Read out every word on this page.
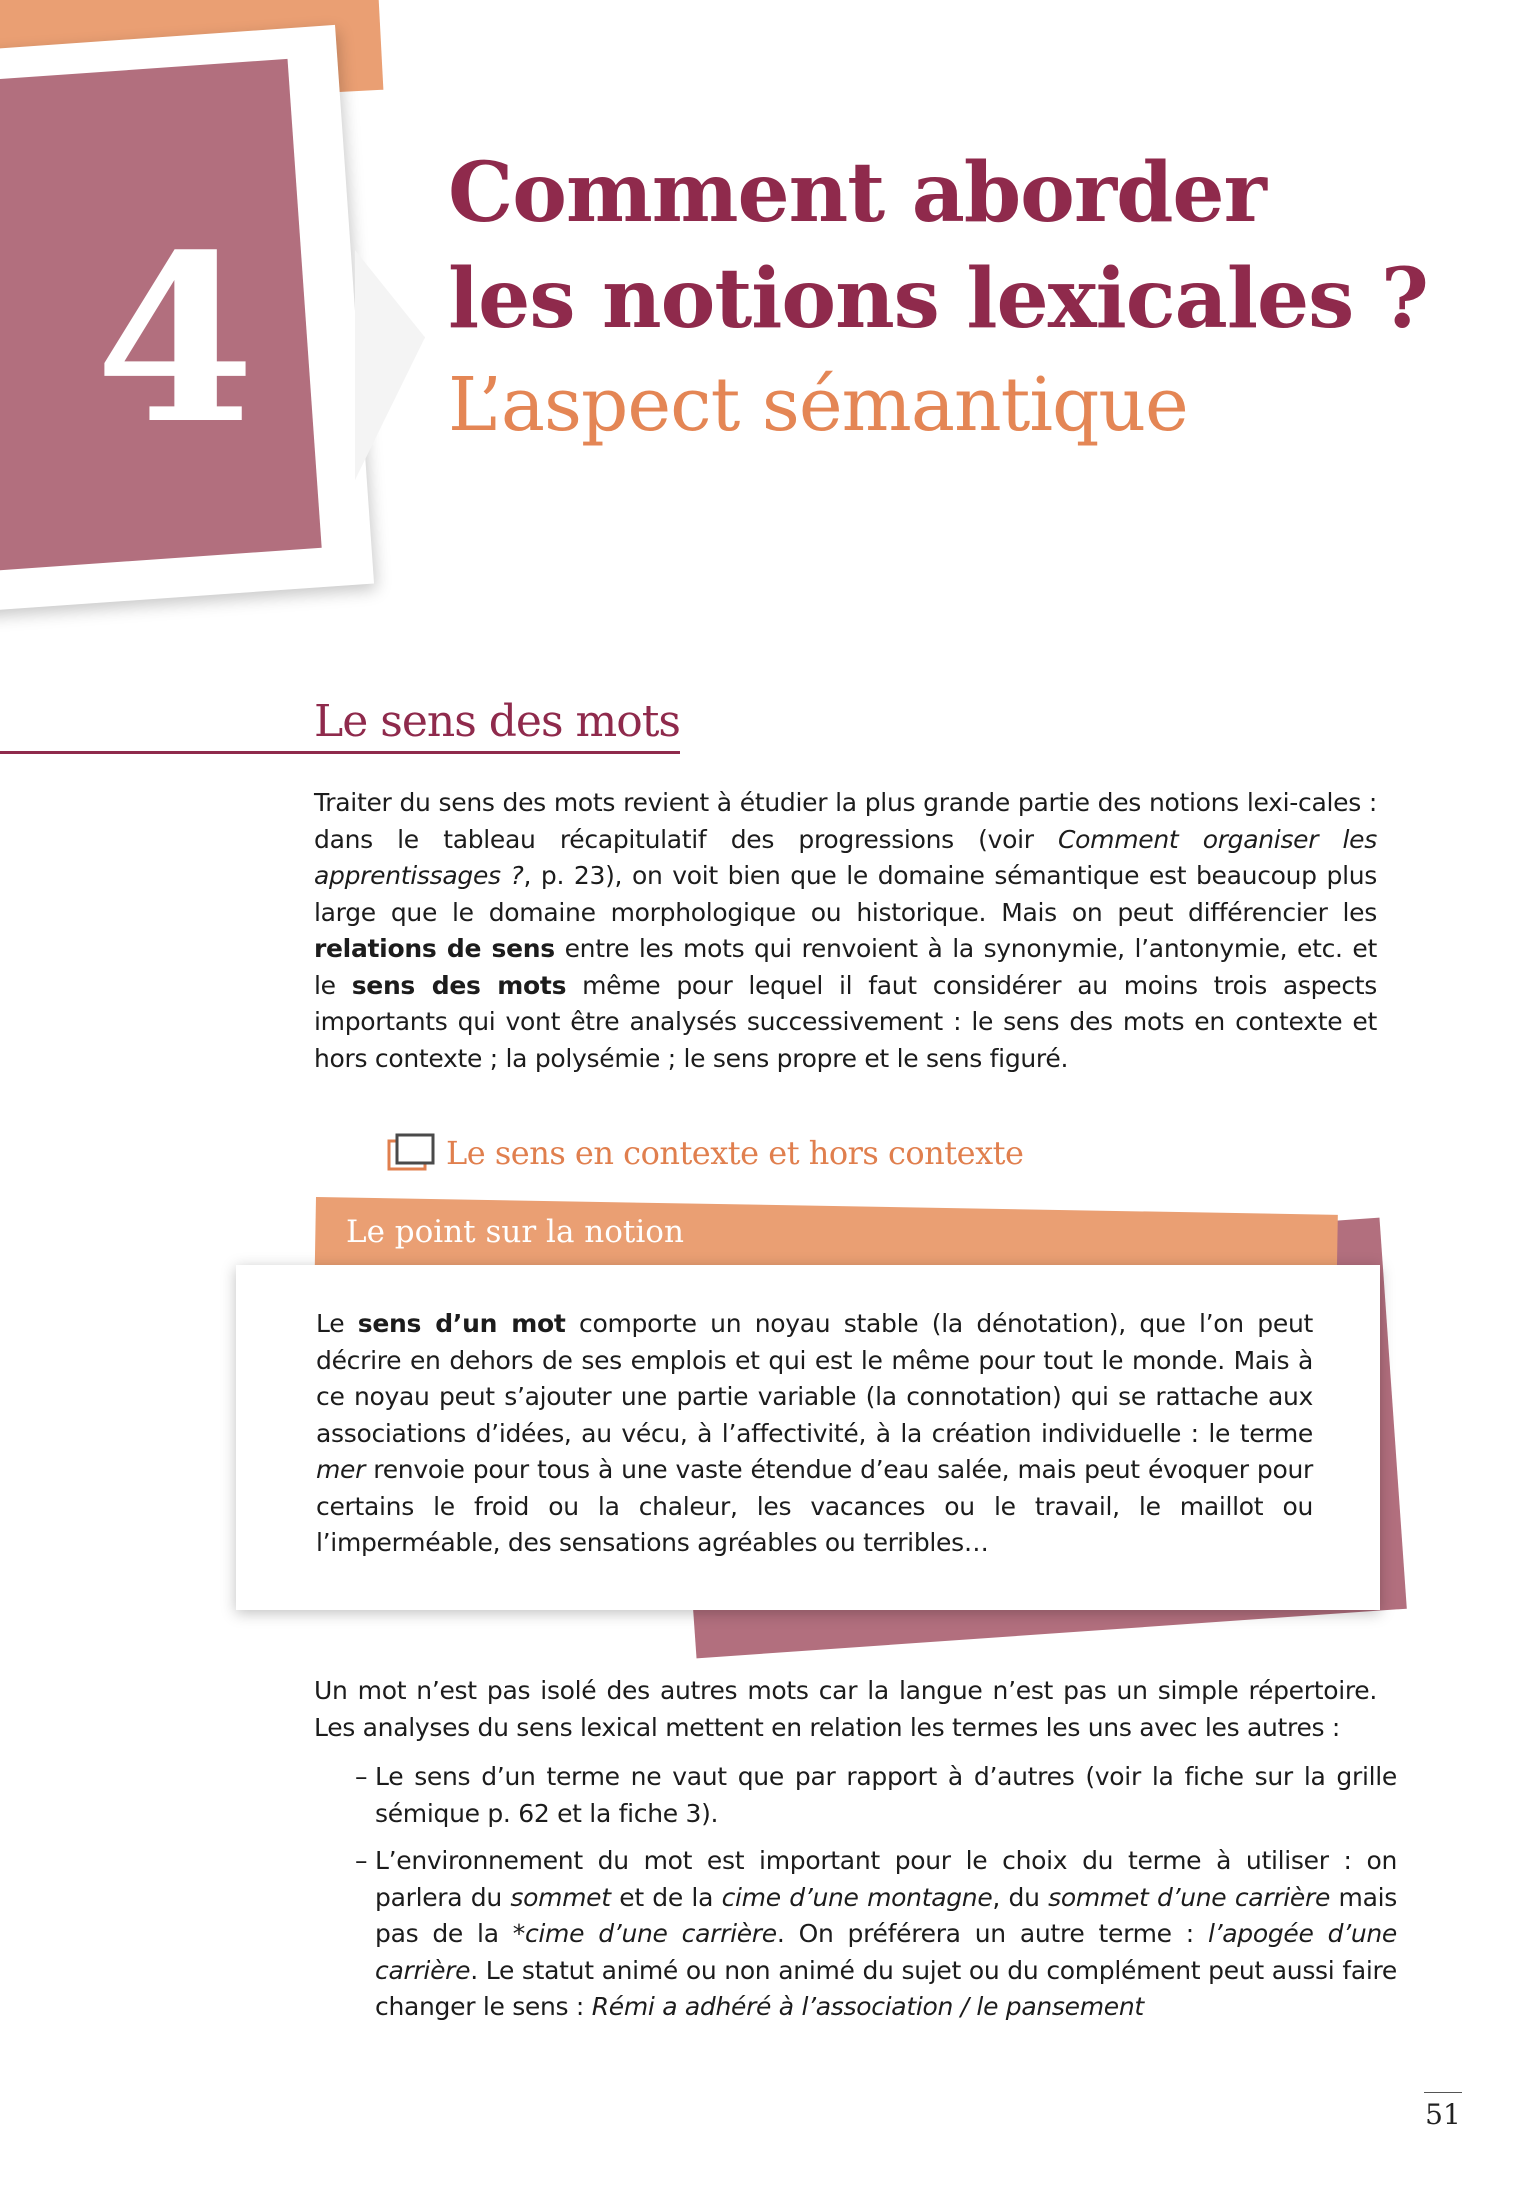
4
Comment aborder
les notions lexicales ?
L’aspect sémantique
Le sens des mots

Traiter du sens des mots revient à étudier la plus grande partie des notions lexi-cales : dans le tableau récapitulatif des progressions (voir Comment organiser les apprentissages ?, p. 23), on voit bien que le domaine sémantique est beaucoup plus large que le domaine morphologique ou historique. Mais on peut différencier les relations de sens entre les mots qui renvoient à la synonymie, l’antonymie, etc. et le sens des mots même pour lequel il faut considérer au moins trois aspects importants qui vont être analysés successivement : le sens des mots en contexte et hors contexte ; la polysémie ; le sens propre et le sens figuré.

Le sens en contexte et hors contexte
Le point sur la notion

Le sens d’un mot comporte un noyau stable (la dénotation), que l’on peut décrire en dehors de ses emplois et qui est le même pour tout le monde. Mais à ce noyau peut s’ajouter une partie variable (la connotation) qui se rattache aux associations d’idées, au vécu, à l’affectivité, à la création individuelle : le terme mer renvoie pour tous à une vaste étendue d’eau salée, mais peut évoquer pour certains le froid ou la chaleur, les vacances ou le travail, le maillot ou l’imperméable, des sensations agréables ou terribles…

Un mot n’est pas isolé des autres mots car la langue n’est pas un simple répertoire. Les analyses du sens lexical mettent en relation les termes les uns avec les autres :

– Le sens d’un terme ne vaut que par rapport à d’autres (voir la fiche sur la grille sémique p. 62 et la fiche 3).

– L’environnement du mot est important pour le choix du terme à utiliser : on parlera du sommet et de la cime d’une montagne, du sommet d’une carrière mais pas de la *cime d’une carrière. On préférera un autre terme : l’apogée d’une carrière. Le statut animé ou non animé du sujet ou du complément peut aussi faire changer le sens : Rémi a adhéré à l’association / le pansement

51
